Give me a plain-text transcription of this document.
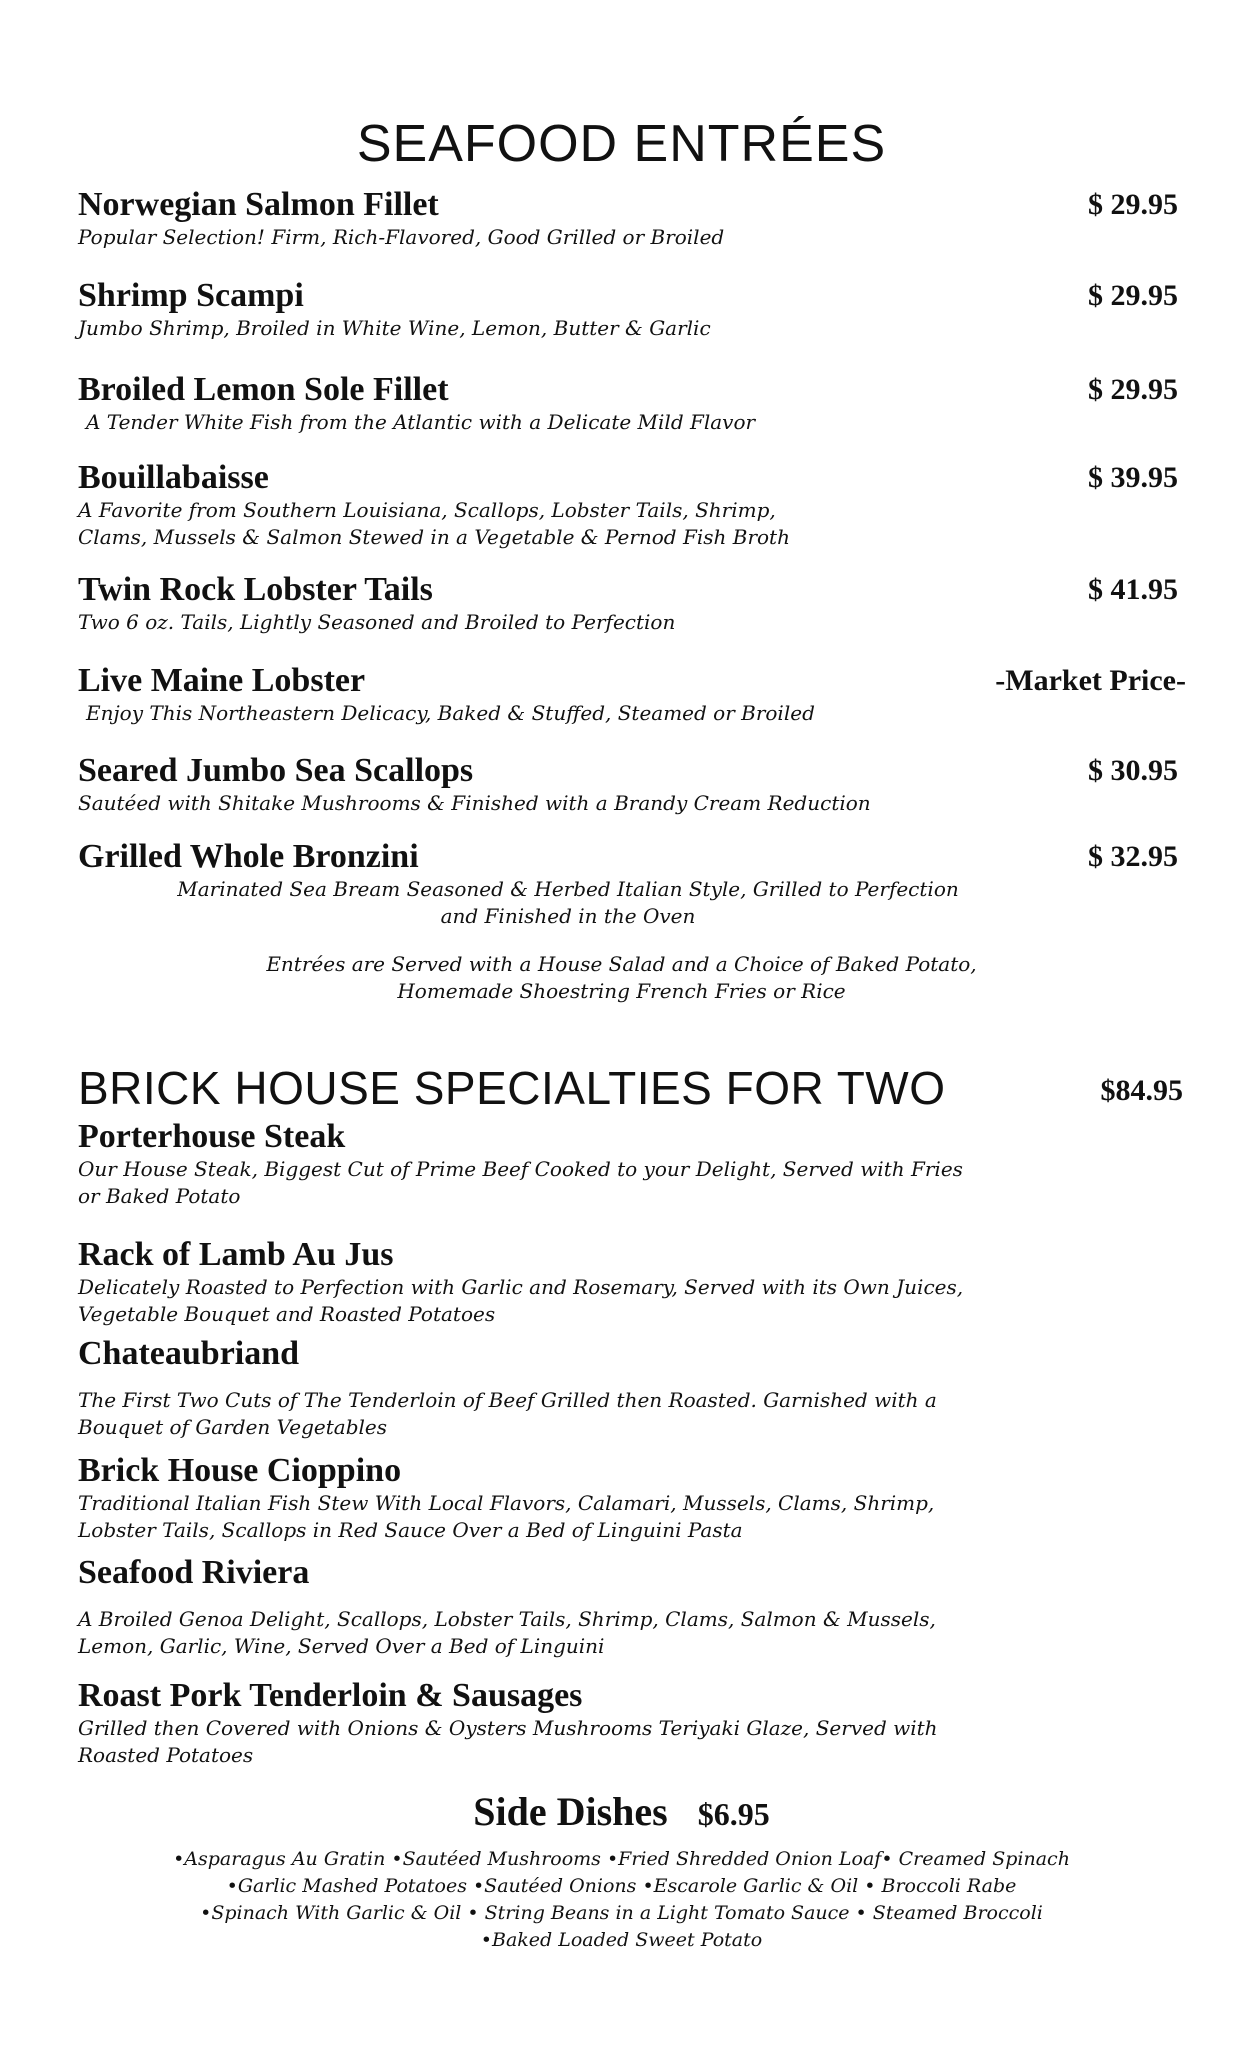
SEAFOOD ENTRÉES
Norwegian Salmon Fillet	$ 29.95
Popular Selection! Firm, Rich-Flavored, Good Grilled or Broiled
Shrimp Scampi	$ 29.95
Jumbo Shrimp, Broiled in White Wine, Lemon, Butter & Garlic
Broiled Lemon Sole Fillet	$ 29.95
A Tender White Fish from the Atlantic with a Delicate Mild Flavor
Bouillabaisse	$ 39.95
A Favorite from Southern Louisiana, Scallops, Lobster Tails, Shrimp,
Clams, Mussels & Salmon Stewed in a Vegetable & Pernod Fish Broth
Twin Rock Lobster Tails	$ 41.95
Two 6 oz. Tails, Lightly Seasoned and Broiled to Perfection
Live Maine Lobster	-Market Price-
Enjoy This Northeastern Delicacy, Baked & Stuffed, Steamed or Broiled
Seared Jumbo Sea Scallops	$ 30.95
Sautéed with Shitake Mushrooms & Finished with a Brandy Cream Reduction
Grilled Whole Bronzini	$ 32.95
Marinated Sea Bream Seasoned & Herbed Italian Style, Grilled to Perfection
and Finished in the Oven
Entrées are Served with a House Salad and a Choice of Baked Potato,
Homemade Shoestring French Fries or Rice
BRICK HOUSE SPECIALTIES FOR TWO	$84.95
Porterhouse Steak
Our House Steak, Biggest Cut of Prime Beef Cooked to your Delight, Served with Fries
or Baked Potato
Rack of Lamb Au Jus
Delicately Roasted to Perfection with Garlic and Rosemary, Served with its Own Juices,
Vegetable Bouquet and Roasted Potatoes
Chateaubriand
The First Two Cuts of The Tenderloin of Beef Grilled then Roasted. Garnished with a
Bouquet of Garden Vegetables
Brick House Cioppino
Traditional Italian Fish Stew With Local Flavors, Calamari, Mussels, Clams, Shrimp,
Lobster Tails, Scallops in Red Sauce Over a Bed of Linguini Pasta
Seafood Riviera
A Broiled Genoa Delight, Scallops, Lobster Tails, Shrimp, Clams, Salmon & Mussels,
Lemon, Garlic, Wine, Served Over a Bed of Linguini
Roast Pork Tenderloin & Sausages
Grilled then Covered with Onions & Oysters Mushrooms Teriyaki Glaze, Served with
Roasted Potatoes
Side Dishes $6.95
•Asparagus Au Gratin •Sautéed Mushrooms •Fried Shredded Onion Loaf• Creamed Spinach
•Garlic Mashed Potatoes •Sautéed Onions •Escarole Garlic & Oil • Broccoli Rabe
•Spinach With Garlic & Oil • String Beans in a Light Tomato Sauce • Steamed Broccoli
•Baked Loaded Sweet Potato
